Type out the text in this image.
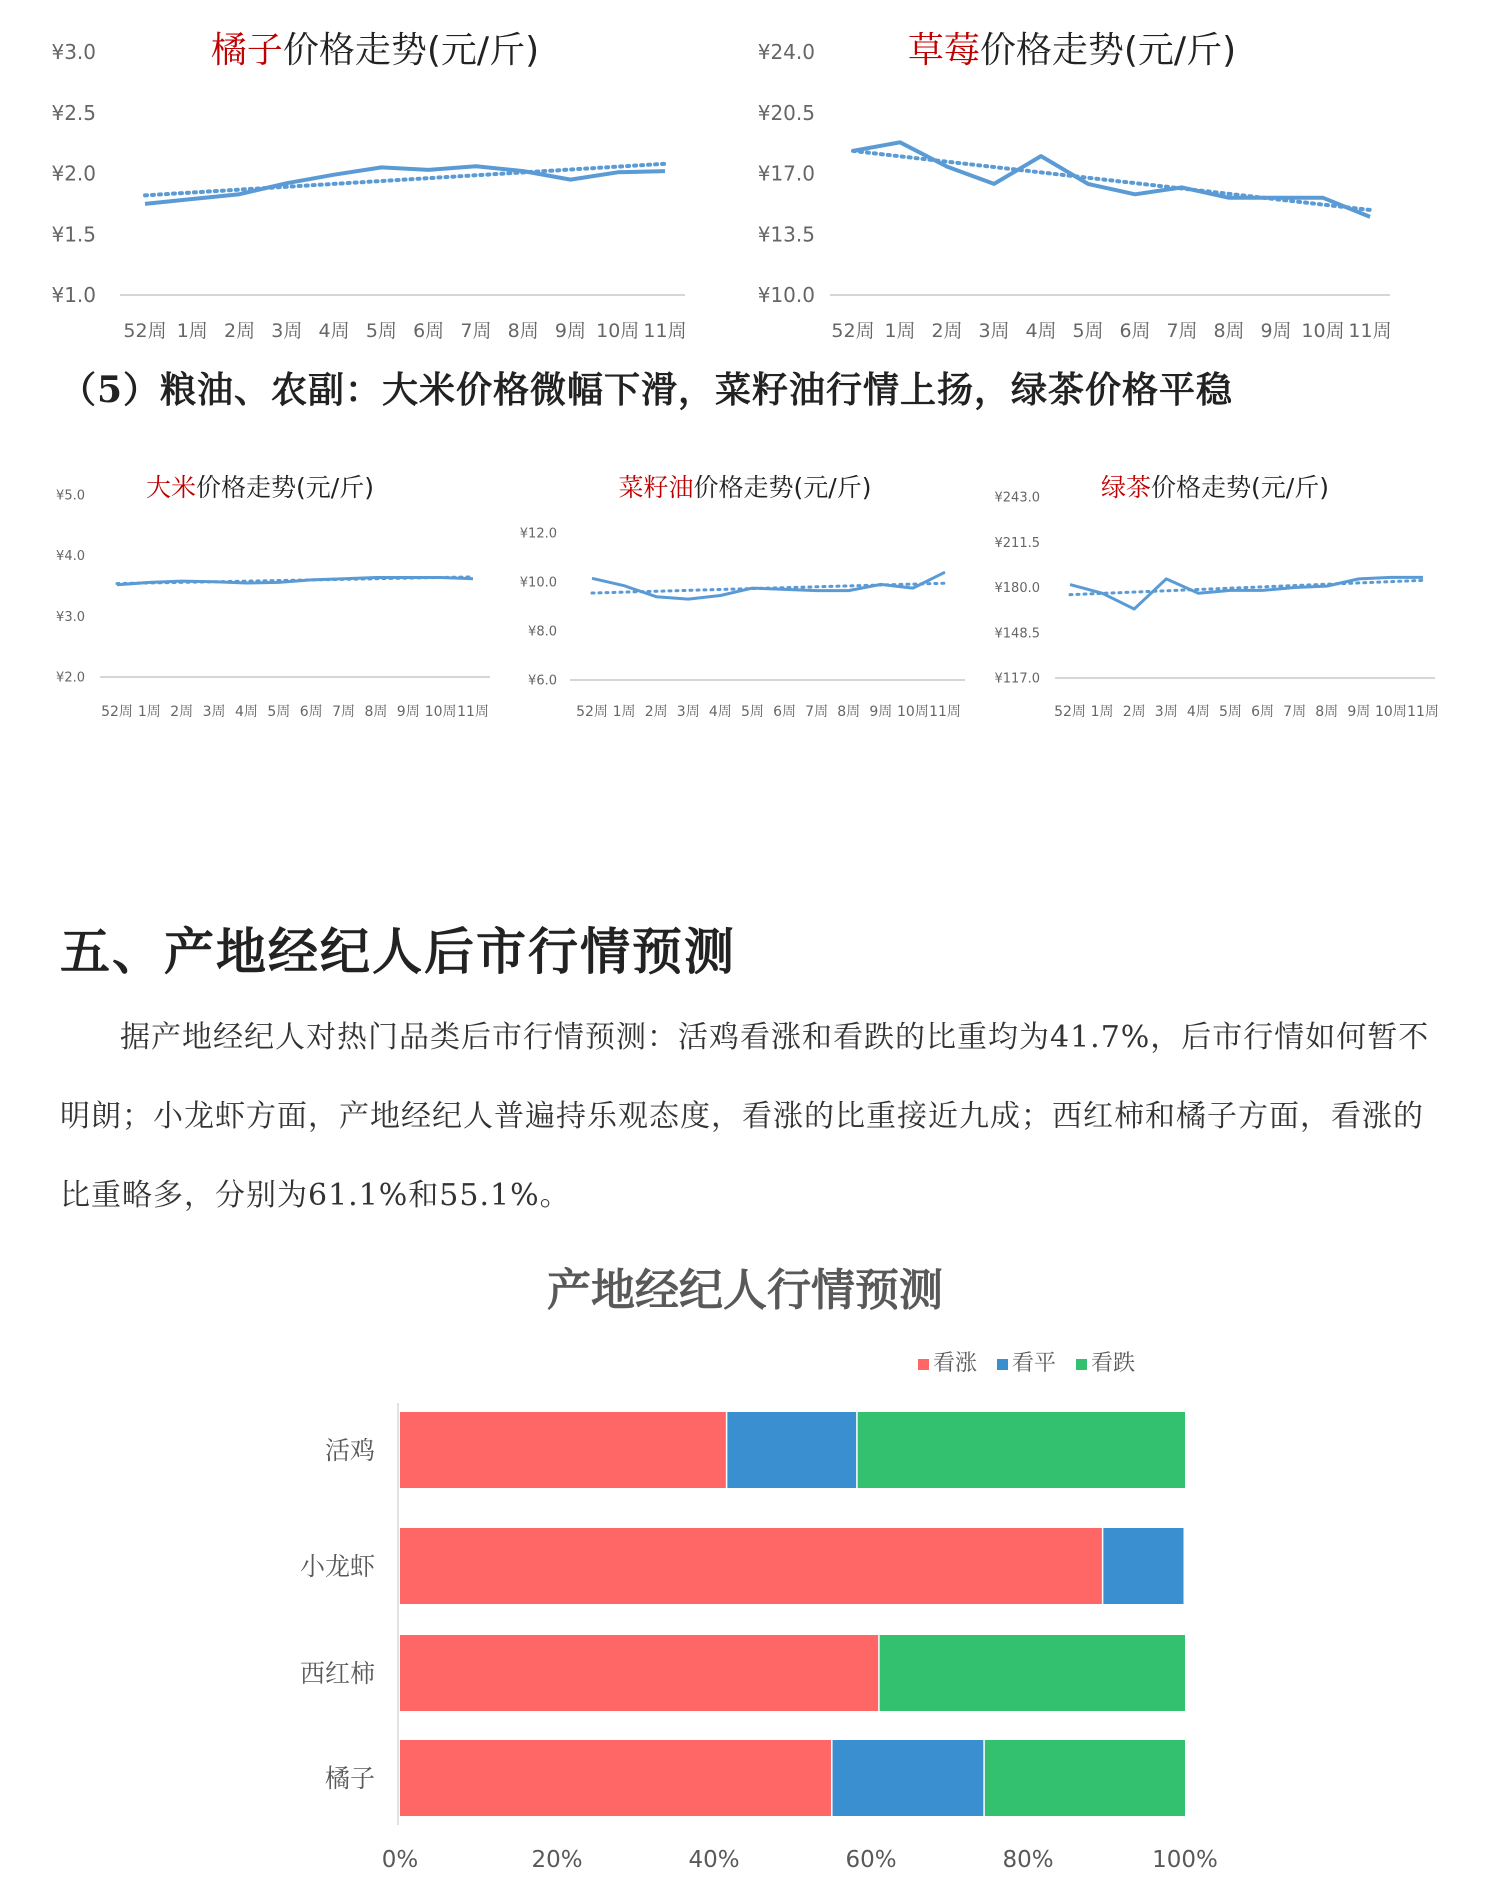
橘子价格走势(元/斤)
¥3.0
¥2.5
¥2.0
¥1.5
¥1.0
52周 1周 2周 3周 4周 5周 6周 7周 8周 9周 10周 11周
草莓价格走势(元/斤)
¥24.0
¥20.5
¥17.0
¥13.5
¥10.0
52周 1周 2周 3周 4周 5周 6周 7周 8周 9周 10周 11周
（5）粮油、农副：大米价格微幅下滑，菜籽油行情上扬，绿茶价格平稳
大米价格走势(元/斤)
¥5.0
¥4.0
¥3.0
¥2.0
52周 1周 2周 3周 4周 5周 6周 7周 8周 9周 10周 11周
菜籽油价格走势(元/斤)
¥12.0
¥10.0
¥8.0
¥6.0
52周 1周 2周 3周 4周 5周 6周 7周 8周 9周 10周 11周
绿茶价格走势(元/斤)
¥243.0
¥211.5
¥180.0
¥148.5
¥117.0
52周 1周 2周 3周 4周 5周 6周 7周 8周 9周 10周 11周
五、产地经纪人后市行情预测

据产地经纪人对热门品类后市行情预测：活鸡看涨和看跌的比重均为41.7%，后市行情如何暂不明朗；小龙虾方面，产地经纪人普遍持乐观态度，看涨的比重接近九成；西红柿和橘子方面，看涨的比重略多，分别为61.1%和55.1%。

产地经纪人行情预测
看涨 看平 看跌
活鸡
小龙虾
西红柿
橘子
0%	20%	40%	60%	80%	100%
